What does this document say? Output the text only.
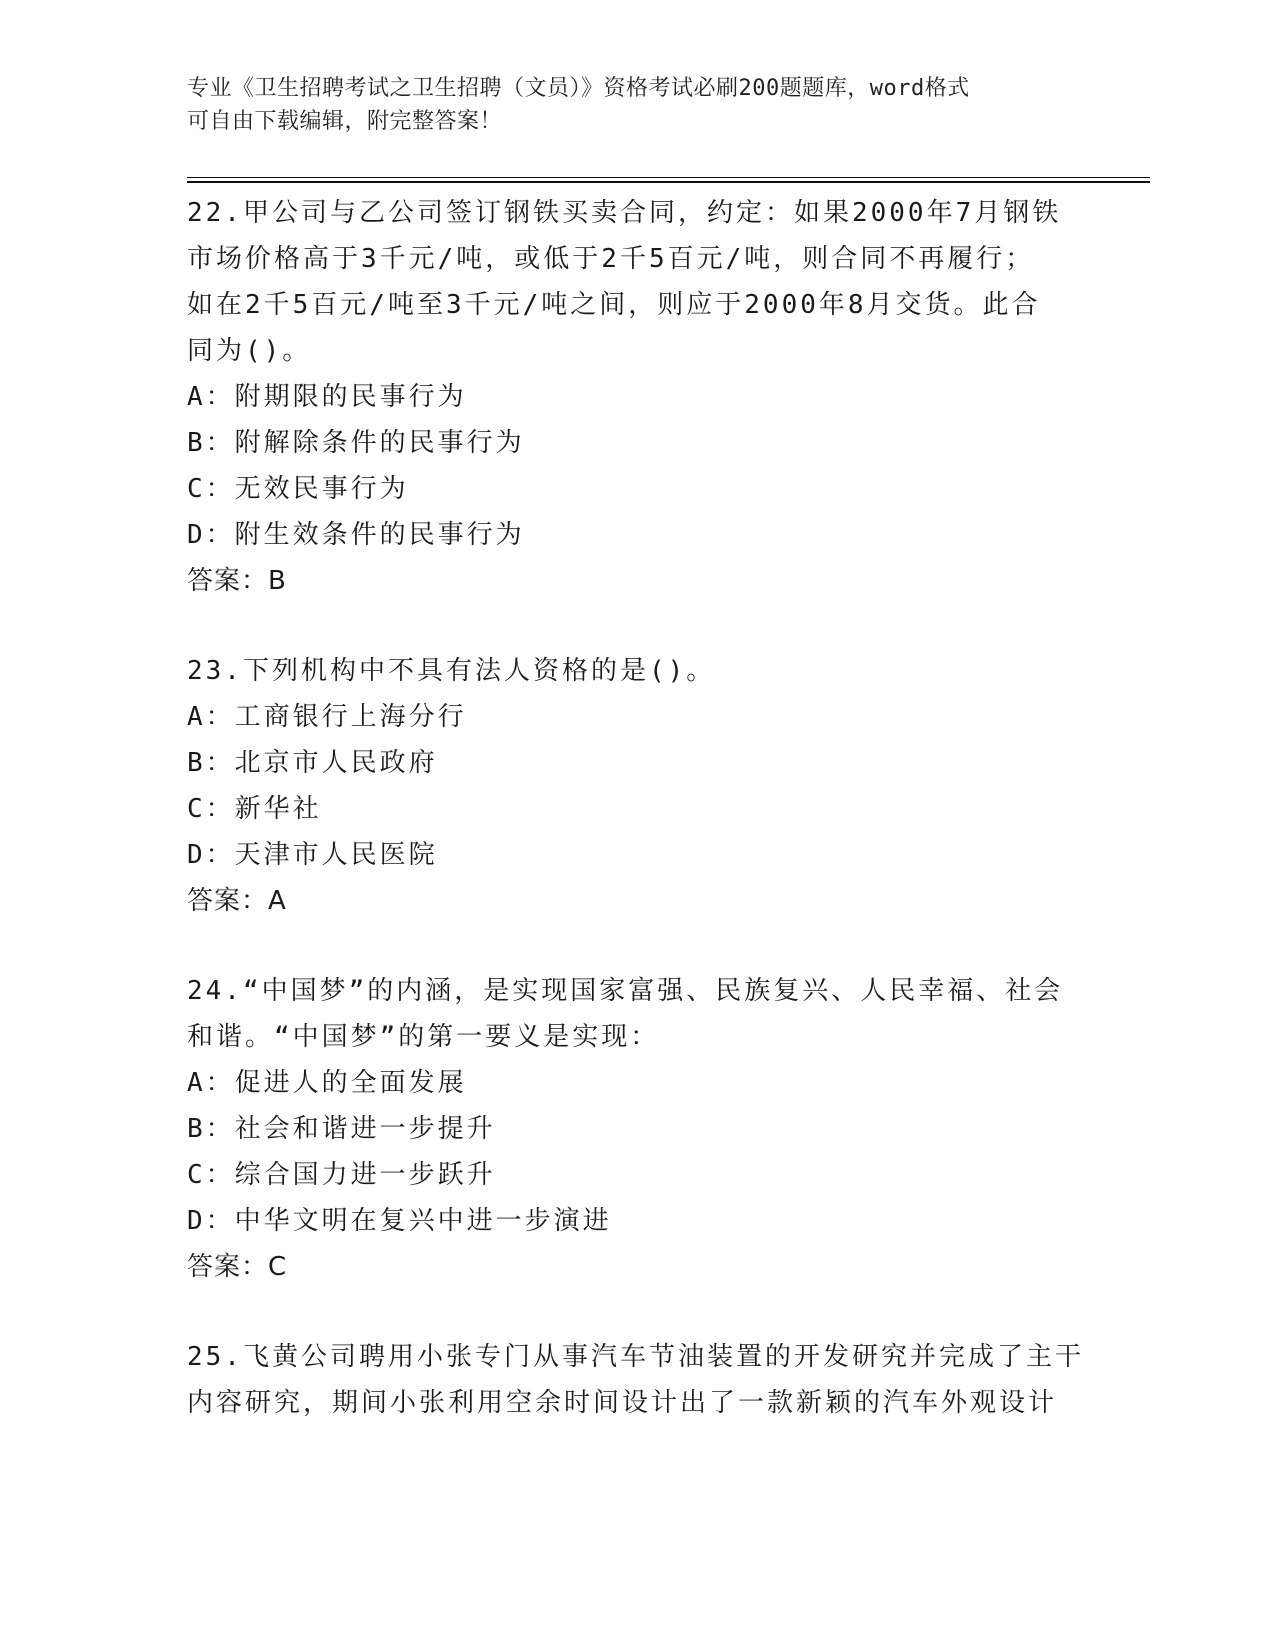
专业《卫生招聘考试之卫生招聘（文员）》资格考试必刷200题题库，word格式
可自由下载编辑，附完整答案！
22.甲公司与乙公司签订钢铁买卖合同，约定：如果2000年7月钢铁
市场价格高于3千元/吨，或低于2千5百元/吨，则合同不再履行；
如在2千5百元/吨至3千元/吨之间，则应于2000年8月交货。此合
同为()。
A：附期限的民事行为
B：附解除条件的民事行为
C：无效民事行为
D：附生效条件的民事行为
答案：B
23.下列机构中不具有法人资格的是()。
A：工商银行上海分行
B：北京市人民政府
C：新华社
D：天津市人民医院
答案：A
24.“中国梦”的内涵，是实现国家富强、民族复兴、人民幸福、社会
和谐。“中国梦”的第一要义是实现：
A：促进人的全面发展
B：社会和谐进一步提升
C：综合国力进一步跃升
D：中华文明在复兴中进一步演进
答案：C
25.飞黄公司聘用小张专门从事汽车节油装置的开发研究并完成了主干
内容研究，期间小张利用空余时间设计出了一款新颖的汽车外观设计
